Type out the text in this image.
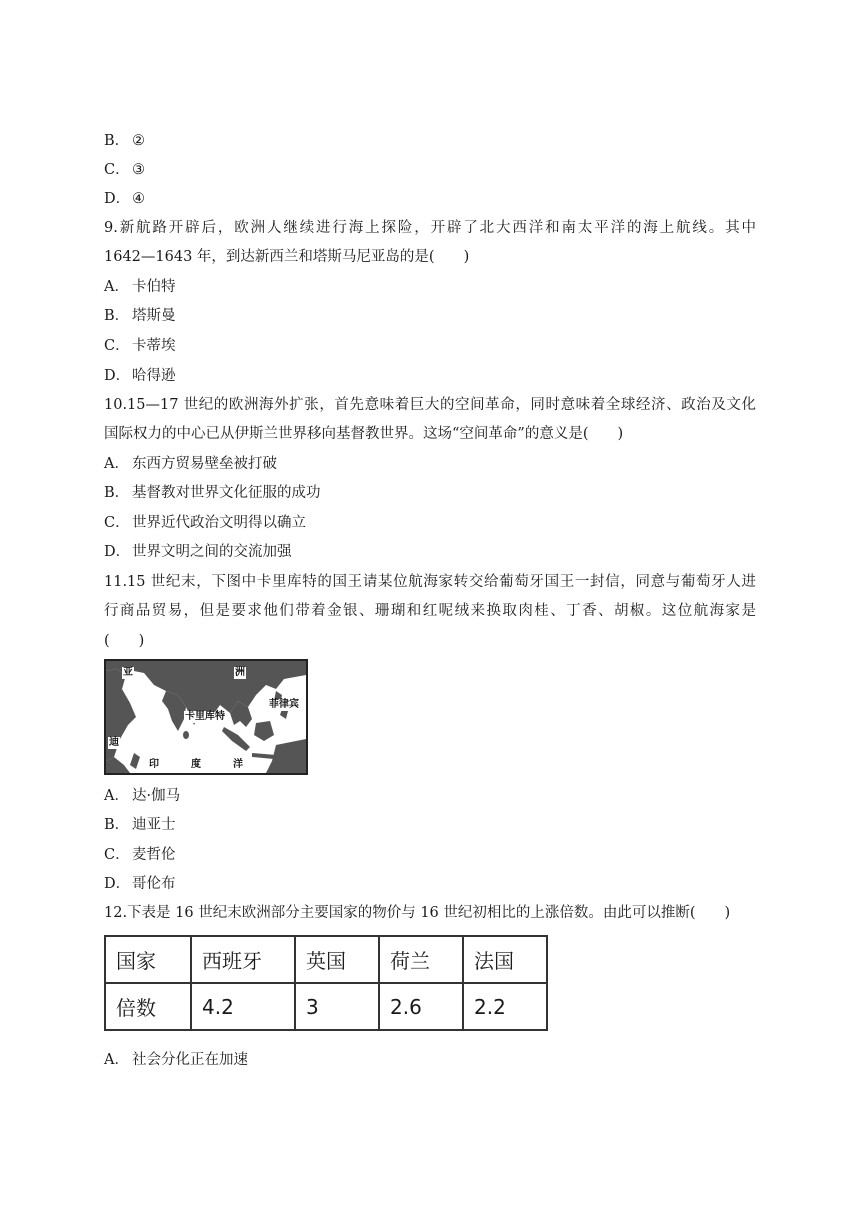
B． ②
C． ③
D． ④
9.新航路开辟后，欧洲人继续进行海上探险，开辟了北大西洋和南太平洋的海上航线。其中
1642—1643 年，到达新西兰和塔斯马尼亚岛的是(　　)
A． 卡伯特
B． 塔斯曼
C． 卡蒂埃
D． 哈得逊
10.15—17 世纪的欧洲海外扩张，首先意味着巨大的空间革命，同时意味着全球经济、政治及文化
国际权力的中心已从伊斯兰世界移向基督教世界。这场“空间革命”的意义是(　　)
B． 基督教对世界文化征服的成功
A． 东西方贸易壁垒被打破
C． 世界近代政治文明得以确立
D． 世界文明之间的交流加强
11.15 世纪末，下图中卡里库特的国王请某位航海家转交给葡萄牙国王一封信，同意与葡萄牙人进
行商品贸易，但是要求他们带着金银、珊瑚和红呢绒来换取肉桂、丁香、胡椒。这位航海家是
(　　)
亚	洲
菲律宾
卡里库特
迪
印	度	洋
A． 达·伽马
B． 迪亚士
C． 麦哲伦
D． 哥伦布
12.下表是 16 世纪末欧洲部分主要国家的物价与 16 世纪初相比的上涨倍数。由此可以推断(　　)
国家	西班牙	英国	荷兰	法国
倍数	4.2	3	2.6	2.2
A． 社会分化正在加速
